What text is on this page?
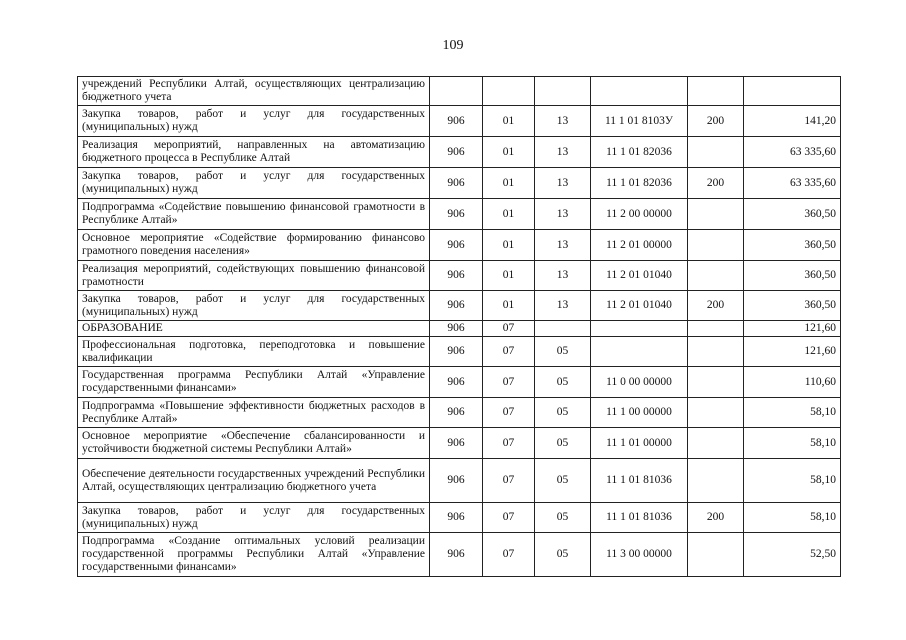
109
учреждений Республики Алтай, осуществляющих централизацию бюджетного учета						
Закупка товаров, работ и услуг для государственных (муниципальных) нужд	906	01	13	11 1 01 8103У	200	141,20
Реализация мероприятий, направленных на автоматизацию бюджетного процесса в Республике Алтай	906	01	13	11 1 01 82036		63 335,60
Закупка товаров, работ и услуг для государственных (муниципальных) нужд	906	01	13	11 1 01 82036	200	63 335,60
Подпрограмма «Содействие повышению финансовой грамотности в Республике Алтай»	906	01	13	11 2 00 00000		360,50
Основное мероприятие «Содействие формированию финансово грамотного поведения населения»	906	01	13	11 2 01 00000		360,50
Реализация мероприятий, содействующих повышению финансовой грамотности	906	01	13	11 2 01 01040		360,50
Закупка товаров, работ и услуг для государственных (муниципальных) нужд	906	01	13	11 2 01 01040	200	360,50
ОБРАЗОВАНИЕ	906	07				121,60
Профессиональная подготовка, переподготовка и повышение квалификации	906	07	05			121,60
Государственная программа Республики Алтай «Управление государственными финансами»	906	07	05	11 0 00 00000		110,60
Подпрограмма «Повышение эффективности бюджетных расходов в Республике Алтай»	906	07	05	11 1 00 00000		58,10
Основное мероприятие «Обеспечение сбалансированности и устойчивости бюджетной системы Республики Алтай»	906	07	05	11 1 01 00000		58,10
Обеспечение деятельности государственных учреждений Республики Алтай, осуществляющих централизацию бюджетного учета	906	07	05	11 1 01 81036		58,10
Закупка товаров, работ и услуг для государственных (муниципальных) нужд	906	07	05	11 1 01 81036	200	58,10
Подпрограмма «Создание оптимальных условий реализации государственной программы Республики Алтай «Управление государственными финансами»	906	07	05	11 3 00 00000		52,50
